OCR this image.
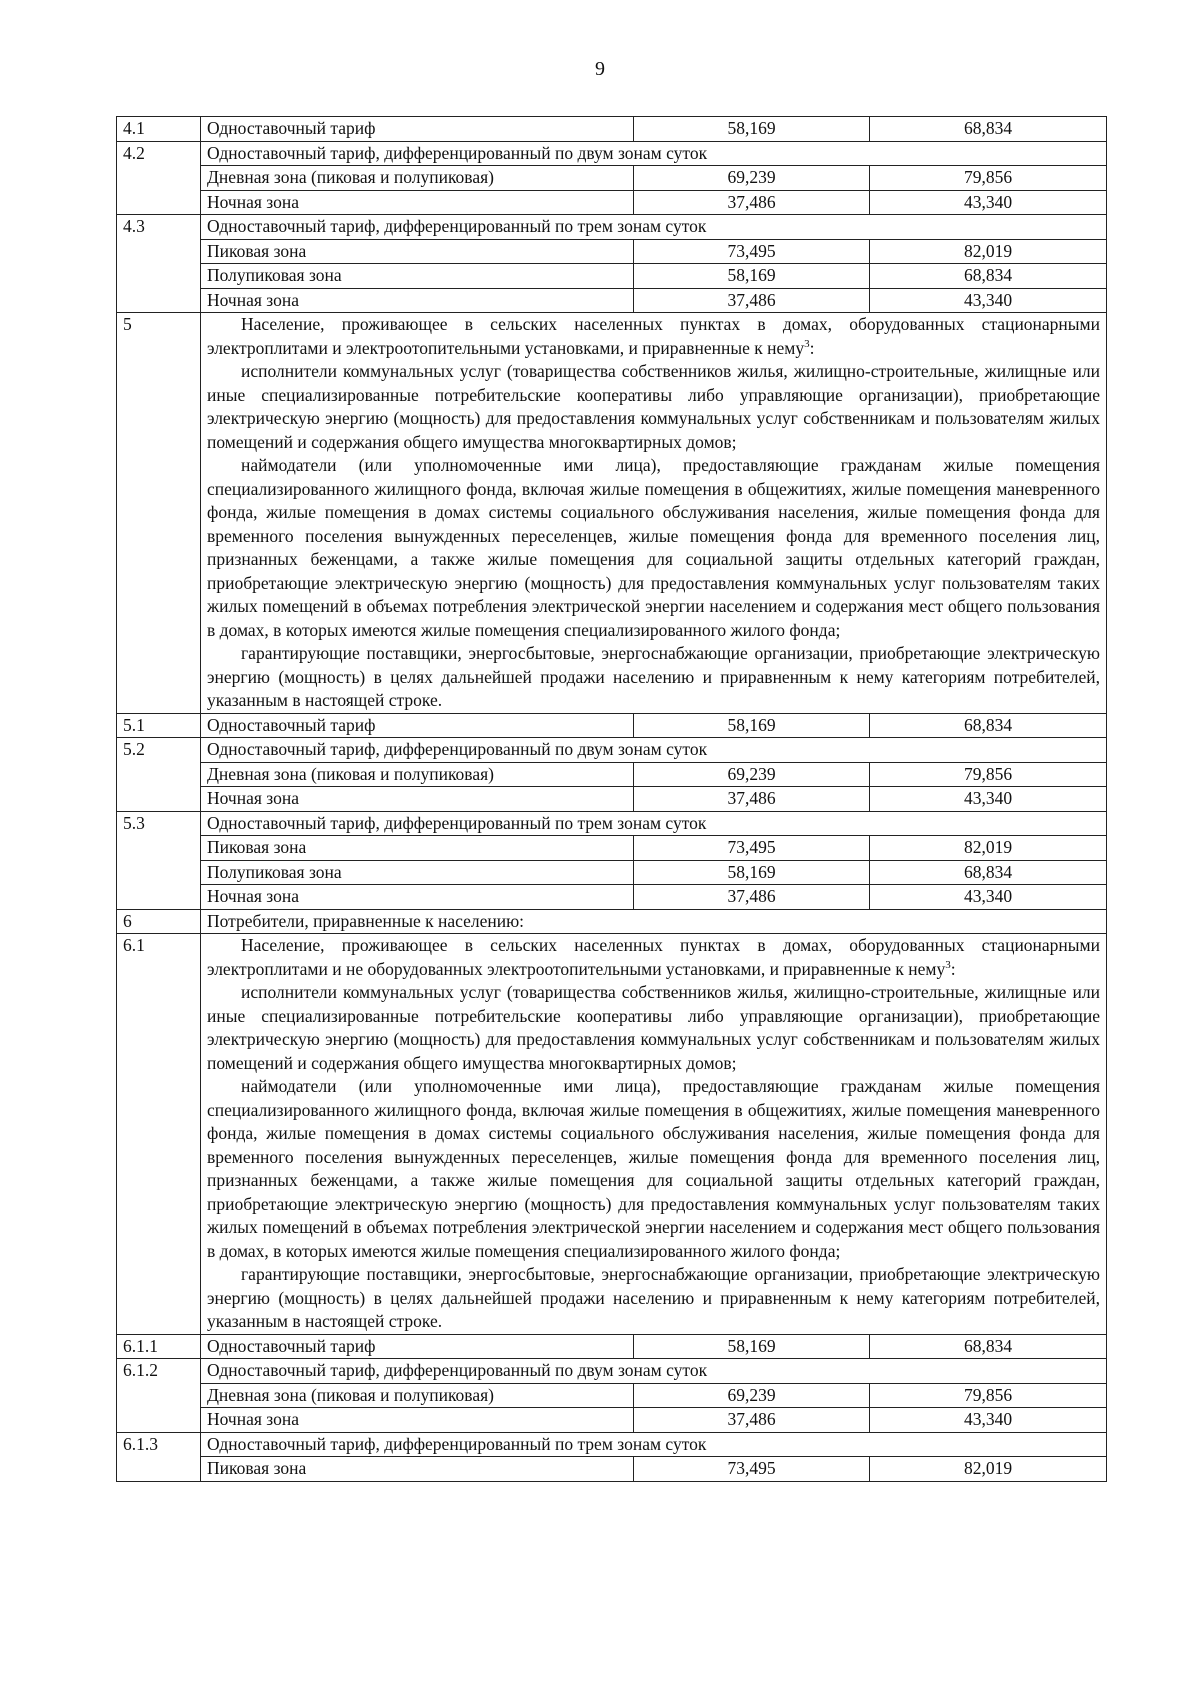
9
4.1	Одноставочный тариф	58,169	68,834
4.2	Одноставочный тариф, дифференцированный по двум зонам суток		
	Дневная зона (пиковая и полупиковая)	69,239	79,856
	Ночная зона	37,486	43,340
4.3	Одноставочный тариф, дифференцированный по трем зонам суток		
	Пиковая зона	73,495	82,019
	Полупиковая зона	58,169	68,834
	Ночная зона	37,486	43,340
5	Население, проживающее в сельских населенных пунктах в домах, оборудованных стационарными электроплитами и электроотопительными установками, и приравненные к нему$^3$:

исполнители коммунальных услуг (товарищества собственников жилья, жилищно-строительные, жилищные или иные специализированные потребительские кооперативы либо управляющие организации), приобретающие электрическую энергию (мощность) для предоставления коммунальных услуг собственникам и пользователям жилых помещений и содержания общего имущества многоквартирных домов;

наймодатели (или уполномоченные ими лица), предоставляющие гражданам жилые помещения специализированного жилищного фонда, включая жилые помещения в общежитиях, жилые помещения маневренного фонда, жилые помещения в домах системы социального обслуживания населения, жилые помещения фонда для временного поселения вынужденных переселенцев, жилые помещения фонда для временного поселения лиц, признанных беженцами, а также жилые помещения для социальной защиты отдельных категорий граждан, приобретающие электрическую энергию (мощность) для предоставления коммунальных услуг пользователям таких жилых помещений в объемах потребления электрической энергии населением и содержания мест общего пользования в домах, в которых имеются жилые помещения специализированного жилого фонда;

гарантирующие поставщики, энергосбытовые, энергоснабжающие организации, приобретающие электрическую энергию (мощность) в целях дальнейшей продажи населению и приравненным к нему категориям потребителей, указанным в настоящей строке.		

5.1	Одноставочный тариф	58,169	68,834
5.2	Одноставочный тариф, дифференцированный по двум зонам суток		
	Дневная зона (пиковая и полупиковая)	69,239	79,856
	Ночная зона	37,486	43,340
5.3	Одноставочный тариф, дифференцированный по трем зонам суток		
	Пиковая зона	73,495	82,019
	Полупиковая зона	58,169	68,834
	Ночная зона	37,486	43,340
6	Потребители, приравненные к населению:		
6.1	Население, проживающее в сельских населенных пунктах в домах, оборудованных стационарными электроплитами и не оборудованных электроотопительными установками, и приравненные к нему$^3$:

исполнители коммунальных услуг (товарищества собственников жилья, жилищно-строительные, жилищные или иные специализированные потребительские кооперативы либо управляющие организации), приобретающие электрическую энергию (мощность) для предоставления коммунальных услуг собственникам и пользователям жилых помещений и содержания общего имущества многоквартирных домов;

наймодатели (или уполномоченные ими лица), предоставляющие гражданам жилые помещения специализированного жилищного фонда, включая жилые помещения в общежитиях, жилые помещения маневренного фонда, жилые помещения в домах системы социального обслуживания населения, жилые помещения фонда для временного поселения вынужденных переселенцев, жилые помещения фонда для временного поселения лиц, признанных беженцами, а также жилые помещения для социальной защиты отдельных категорий граждан, приобретающие электрическую энергию (мощность) для предоставления коммунальных услуг пользователям таких жилых помещений в объемах потребления электрической энергии населением и содержания мест общего пользования в домах, в которых имеются жилые помещения специализированного жилого фонда;

гарантирующие поставщики, энергосбытовые, энергоснабжающие организации, приобретающие электрическую энергию (мощность) в целях дальнейшей продажи населению и приравненным к нему категориям потребителей, указанным в настоящей строке.		

6.1.1	Одноставочный тариф	58,169	68,834
6.1.2	Одноставочный тариф, дифференцированный по двум зонам суток		
	Дневная зона (пиковая и полупиковая)	69,239	79,856
	Ночная зона	37,486	43,340
6.1.3	Одноставочный тариф, дифференцированный по трем зонам суток		
	Пиковая зона	73,495	82,019
